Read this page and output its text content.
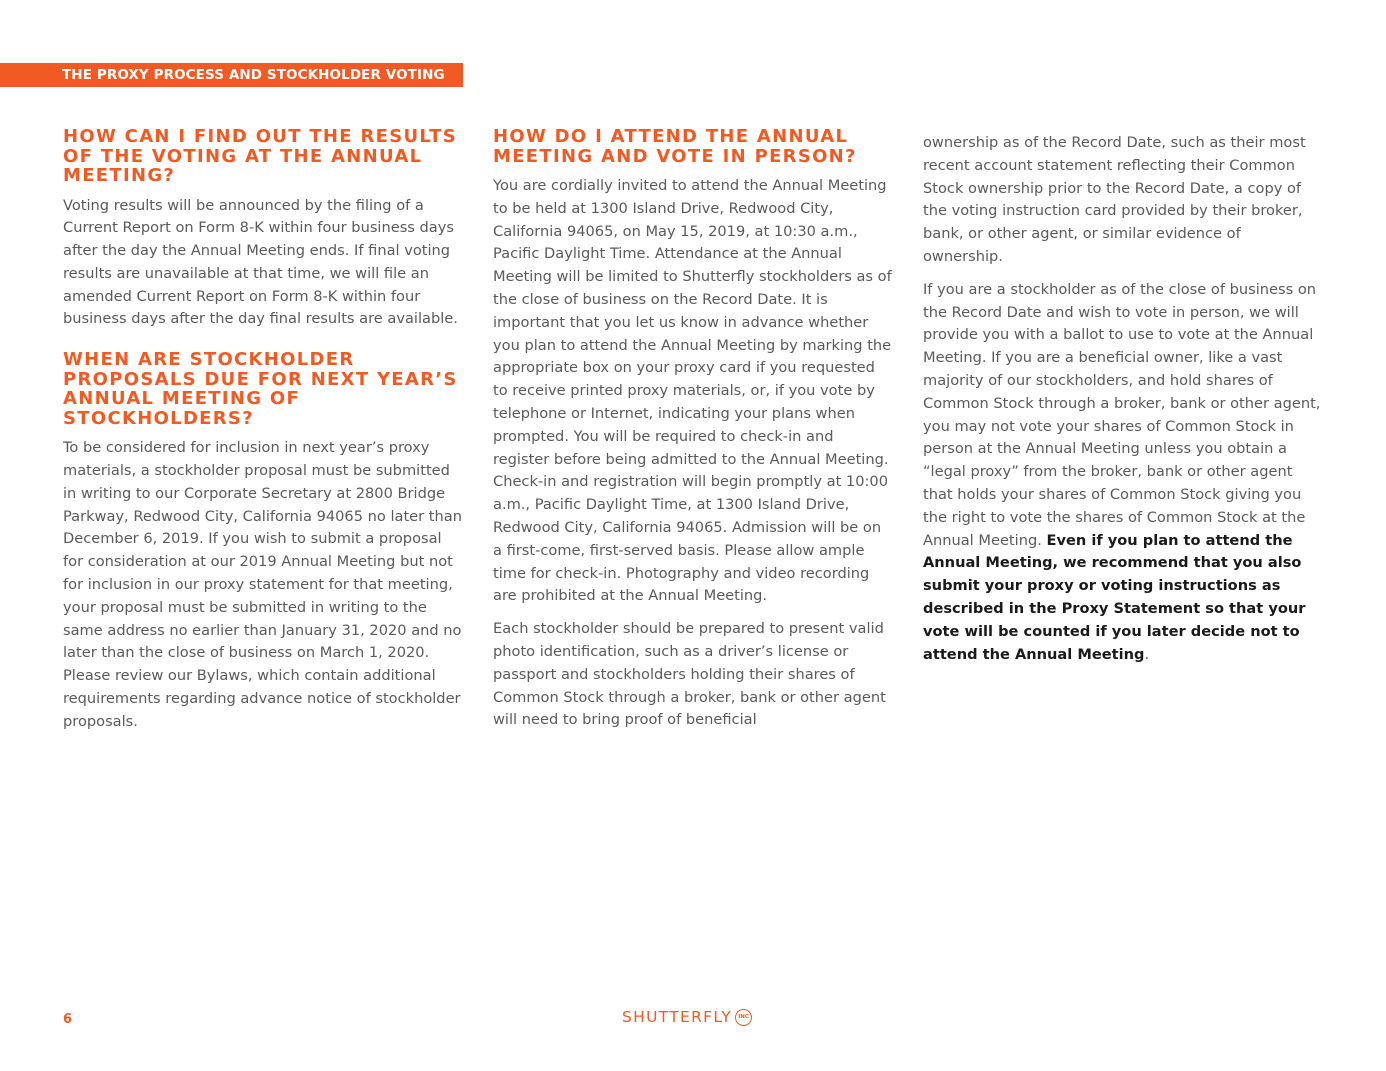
THE PROXY PROCESS AND STOCKHOLDER VOTING
HOW CAN I FIND OUT THE RESULTS OF THE VOTING AT THE ANNUAL MEETING?

Voting results will be announced by the filing of a Current Report on Form 8-K within four business days after the day the Annual Meeting ends. If final voting results are unavailable at that time, we will file an amended Current Report on Form 8-K within four business days after the day final results are available.

WHEN ARE STOCKHOLDER PROPOSALS DUE FOR NEXT YEAR’S ANNUAL MEETING OF STOCKHOLDERS?

To be considered for inclusion in next year’s proxy materials, a stockholder proposal must be submitted in writing to our Corporate Secretary at 2800 Bridge Parkway, Redwood City, California 94065 no later than December 6, 2019. If you wish to submit a proposal for consideration at our 2019 Annual Meeting but not for inclusion in our proxy statement for that meeting, your proposal must be submitted in writing to the same address no earlier than January 31, 2020 and no later than the close of business on March 1, 2020. Please review our Bylaws, which contain additional requirements regarding advance notice of stockholder proposals.

HOW DO I ATTEND THE ANNUAL MEETING AND VOTE IN PERSON?

You are cordially invited to attend the Annual Meeting to be held at 1300 Island Drive, Redwood City, California 94065, on May 15, 2019, at 10:30 a.m., Pacific Daylight Time. Attendance at the Annual Meeting will be limited to Shutterfly stockholders as of the close of business on the Record Date. It is important that you let us know in advance whether you plan to attend the Annual Meeting by marking the appropriate box on your proxy card if you requested to receive printed proxy materials, or, if you vote by telephone or Internet, indicating your plans when prompted. You will be required to check-in and register before being admitted to the Annual Meeting. Check-in and registration will begin promptly at 10:00 a.m., Pacific Daylight Time, at 1300 Island Drive, Redwood City, California 94065. Admission will be on a first-come, first-served basis. Please allow ample time for check-in. Photography and video recording are prohibited at the Annual Meeting.

Each stockholder should be prepared to present valid photo identification, such as a driver’s license or passport and stockholders holding their shares of Common Stock through a broker, bank or other agent will need to bring proof of beneficial

ownership as of the Record Date, such as their most recent account statement reflecting their Common Stock ownership prior to the Record Date, a copy of the voting instruction card provided by their broker, bank, or other agent, or similar evidence of ownership.

If you are a stockholder as of the close of business on the Record Date and wish to vote in person, we will provide you with a ballot to use to vote at the Annual Meeting. If you are a beneficial owner, like a vast majority of our stockholders, and hold shares of Common Stock through a broker, bank or other agent, you may not vote your shares of Common Stock in person at the Annual Meeting unless you obtain a “legal proxy” from the broker, bank or other agent that holds your shares of Common Stock giving you the right to vote the shares of Common Stock at the Annual Meeting. Even if you plan to attend the Annual Meeting, we recommend that you also submit your proxy or voting instructions as described in the Proxy Statement so that your vote will be counted if you later decide not to attend the Annual Meeting.

6	SHUTTERFLY	INC
